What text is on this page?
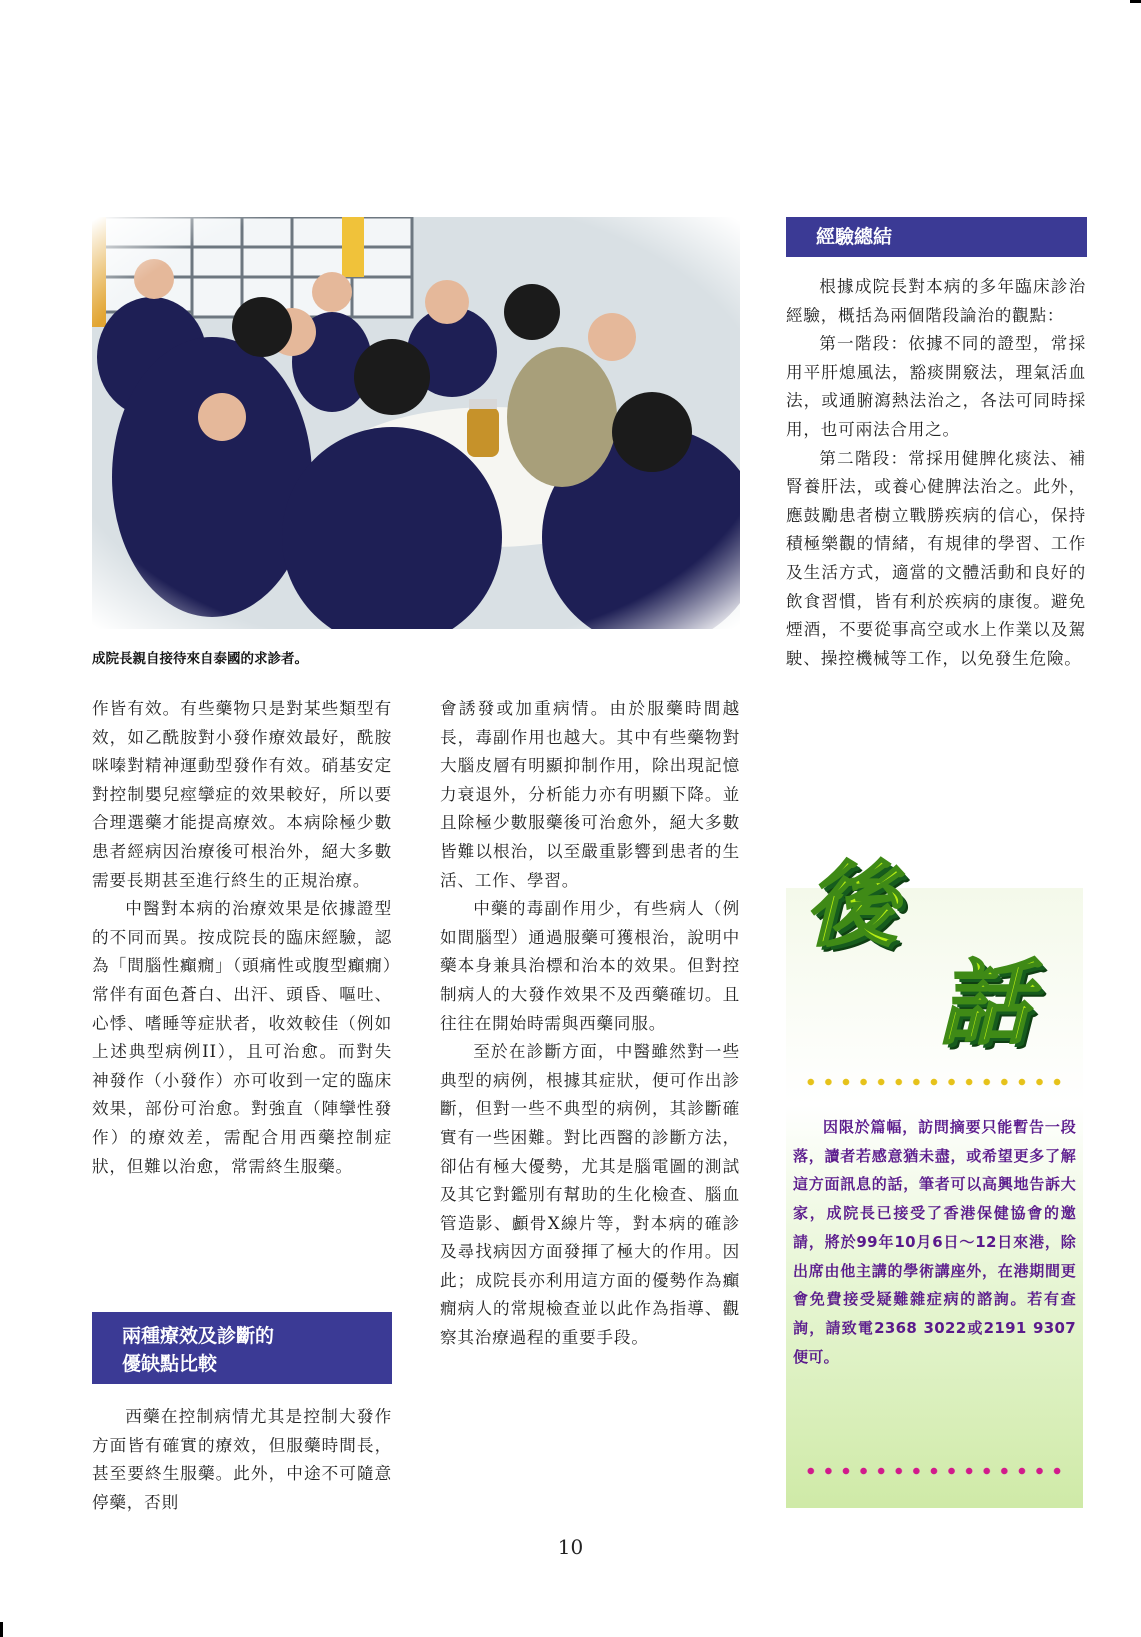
成院長親自接待來自泰國的求診者。
經驗總結

根據成院長對本病的多年臨床診治經驗，概括為兩個階段論治的觀點：

第一階段：依據不同的證型，常採用平肝熄風法，豁痰開竅法，理氣活血法，或通腑瀉熱法治之，各法可同時採用，也可兩法合用之。

第二階段：常採用健脾化痰法、補腎養肝法，或養心健脾法治之。此外，應鼓勵患者樹立戰勝疾病的信心，保持積極樂觀的情緒，有規律的學習、工作及生活方式，適當的文體活動和良好的飲食習慣，皆有利於疾病的康復。避免煙酒，不要從事高空或水上作業以及駕駛、操控機械等工作，以免發生危險。

作皆有效。有些藥物只是對某些類型有效，如乙酰胺對小發作療效最好，酰胺咪嗪對精神運動型發作有效。硝基安定對控制嬰兒痙攣症的效果較好，所以要合理選藥才能提高療效。本病除極少數患者經病因治療後可根治外，絕大多數需要長期甚至進行終生的正規治療。

中醫對本病的治療效果是依據證型的不同而異。按成院長的臨床經驗，認為「間腦性癲癇」（頭痛性或腹型癲癇）常伴有面色蒼白、出汗、頭昏、嘔吐、心悸、嗜睡等症狀者，收效較佳（例如上述典型病例II），且可治愈。而對失神發作（小發作）亦可收到一定的臨床效果，部份可治愈。對強直（陣攣性發作）的療效差，需配合用西藥控制症狀，但難以治愈，常需終生服藥。

兩種療效及診斷的
優缺點比較

西藥在控制病情尤其是控制大發作方面皆有確實的療效，但服藥時間長，甚至要終生服藥。此外，中途不可隨意停藥，否則

會誘發或加重病情。由於服藥時間越長，毒副作用也越大。其中有些藥物對大腦皮層有明顯抑制作用，除出現記憶力衰退外，分析能力亦有明顯下降。並且除極少數服藥後可治愈外，絕大多數皆難以根治，以至嚴重影響到患者的生活、工作、學習。

中藥的毒副作用少，有些病人（例如間腦型）通過服藥可獲根治，說明中藥本身兼具治標和治本的效果。但對控制病人的大發作效果不及西藥確切。且往往在開始時需與西藥同服。

至於在診斷方面，中醫雖然對一些典型的病例，根據其症狀，便可作出診斷，但對一些不典型的病例，其診斷確實有一些困難。對比西醫的診斷方法，卻佔有極大優勢，尤其是腦電圖的測試及其它對鑑別有幫助的生化檢查、腦血管造影、顱骨X線片等，對本病的確診及尋找病因方面發揮了極大的作用。因此；成院長亦利用這方面的優勢作為癲癇病人的常規檢查並以此作為指導、觀察其治療過程的重要手段。

後
話

因限於篇幅，訪問摘要只能暫告一段落，讀者若感意猶未盡，或希望更多了解這方面訊息的話，筆者可以高興地告訴大家，成院長已接受了香港保健協會的邀請，將於99年10月6日～12日來港，除出席由他主講的學術講座外，在港期間更會免費接受疑難雜症病的諮詢。若有查詢，請致電2368 3022或2191 9307便可。

10
